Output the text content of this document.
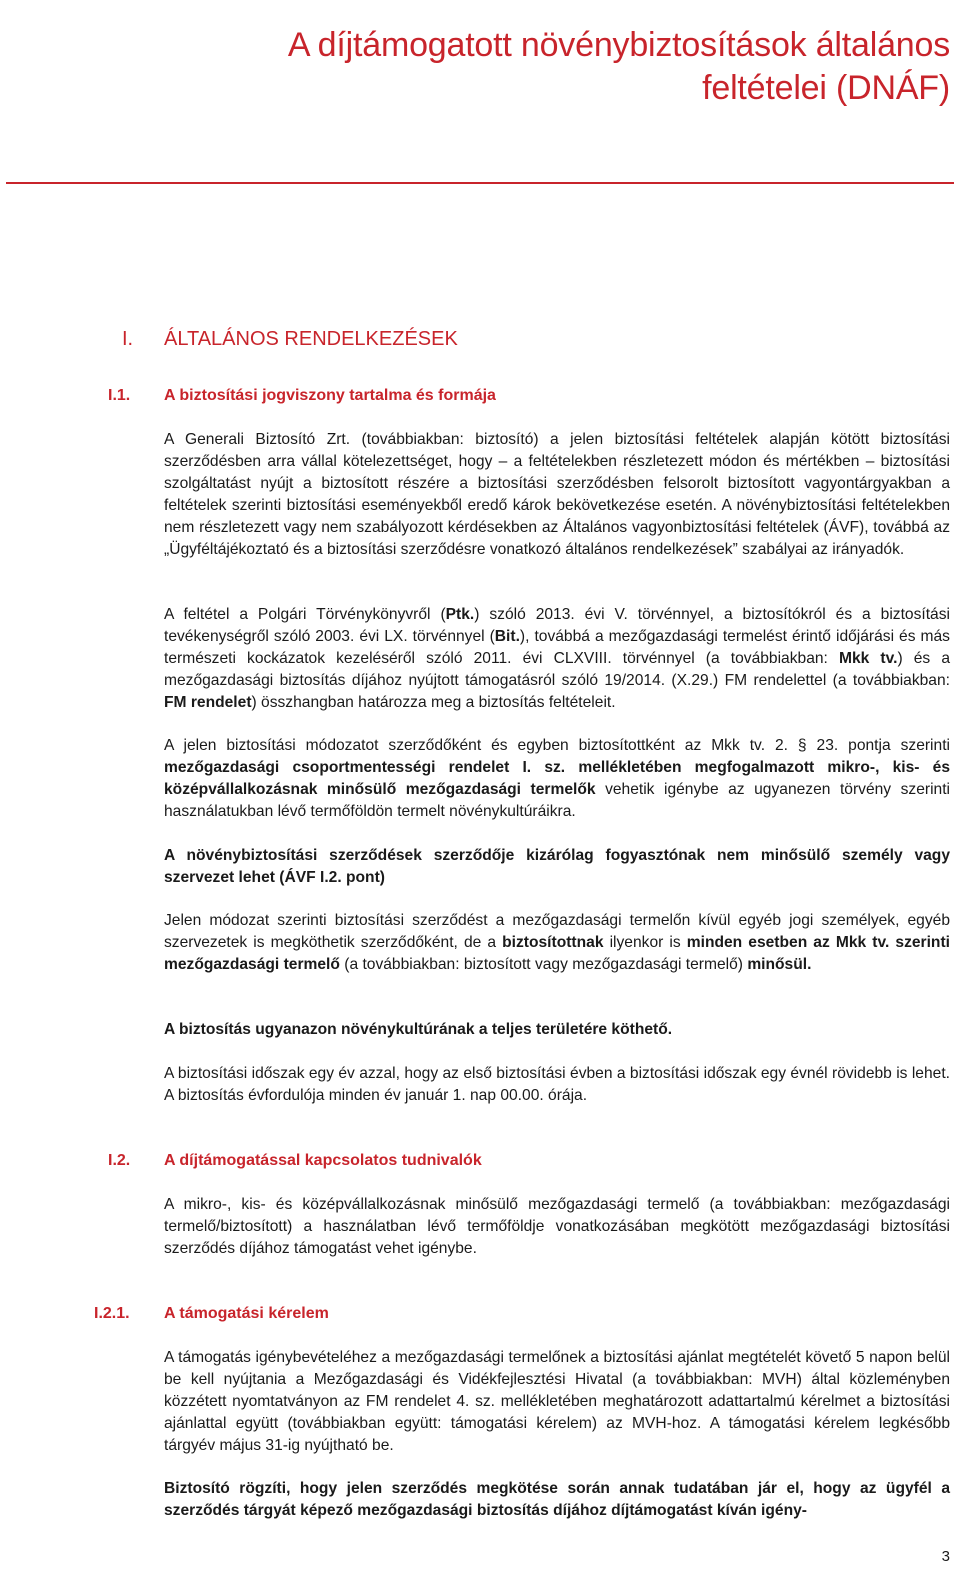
A díjtámogatott növénybiztosítások általános feltételei (DNÁF)
I. ÁLTALÁNOS RENDELKEZÉSEK
I.1. A biztosítási jogviszony tartalma és formája

A Generali Biztosító Zrt. (továbbiakban: biztosító) a jelen biztosítási feltételek alapján kötött biztosítási szerződésben arra vállal kötelezettséget, hogy – a feltételekben részletezett módon és mértékben – biztosítási szolgáltatást nyújt a biztosított részére a biztosítási szerződésben felsorolt biztosított vagyontárgyakban a feltételek szerinti biztosítási eseményekből eredő károk bekövetkezése esetén. A növénybiztosítási feltételekben nem részletezett vagy nem szabályozott kérdésekben az Általános vagyonbiztosítási feltételek (ÁVF), továbbá az „Ügyféltájékoztató és a biztosítási szerződésre vonatkozó általános rendelkezések” szabályai az irányadók.

A feltétel a Polgári Törvénykönyvről (Ptk.) szóló 2013. évi V. törvénnyel, a biztosítókról és a biztosítási tevékenységről szóló 2003. évi LX. törvénnyel (Bit.), továbbá a mezőgazdasági termelést érintő időjárási és más természeti kockázatok kezeléséről szóló 2011. évi CLXVIII. törvénnyel (a továbbiakban: Mkk tv.) és a mezőgazdasági biztosítás díjához nyújtott támogatásról szóló 19/2014. (X.29.) FM rendelettel (a továbbiakban: FM rendelet) összhangban határozza meg a biztosítás feltételeit.

A jelen biztosítási módozatot szerződőként és egyben biztosítottként az Mkk tv. 2. § 23. pontja szerinti mezőgazdasági csoportmentességi rendelet I. sz. mellékletében megfogalmazott mikro-, kis- és középvállalkozásnak minősülő mezőgazdasági termelők vehetik igénybe az ugyanezen törvény szerinti használatukban lévő termőföldön termelt növénykultúráikra.

A növénybiztosítási szerződések szerződője kizárólag fogyasztónak nem minősülő személy vagy szervezet lehet (ÁVF I.2. pont)

Jelen módozat szerinti biztosítási szerződést a mezőgazdasági termelőn kívül egyéb jogi személyek, egyéb szervezetek is megköthetik szerződőként, de a biztosítottnak ilyenkor is minden esetben az Mkk tv. szerinti mezőgazdasági termelő (a továbbiakban: biztosított vagy mezőgazdasági termelő) minősül.

A biztosítás ugyanazon növénykultúrának a teljes területére köthető.

A biztosítási időszak egy év azzal, hogy az első biztosítási évben a biztosítási időszak egy évnél rövidebb is lehet. A biztosítás évfordulója minden év január 1. nap 00.00. órája.

I.2. A díjtámogatással kapcsolatos tudnivalók

A mikro-, kis- és középvállalkozásnak minősülő mezőgazdasági termelő (a továbbiakban: mezőgazdasági termelő/biztosított) a használatban lévő termőföldje vonatkozásában megkötött mezőgazdasági biztosítási szerződés díjához támogatást vehet igénybe.

I.2.1. A támogatási kérelem

A támogatás igénybevételéhez a mezőgazdasági termelőnek a biztosítási ajánlat megtételét követő 5 napon belül be kell nyújtania a Mezőgazdasági és Vidékfejlesztési Hivatal (a továbbiakban: MVH) által közleményben közzétett nyomtatványon az FM rendelet 4. sz. mellékletében meghatározott adattartalmú kérelmet a biztosítási ajánlattal együtt (továbbiakban együtt: támogatási kérelem) az MVH-hoz. A támogatási kérelem legkésőbb tárgyév május 31-ig nyújtható be.

Biztosító rögzíti, hogy jelen szerződés megkötése során annak tudatában jár el, hogy az ügyfél a szerződés tárgyát képező mezőgazdasági biztosítás díjához díjtámogatást kíván igény-

3
